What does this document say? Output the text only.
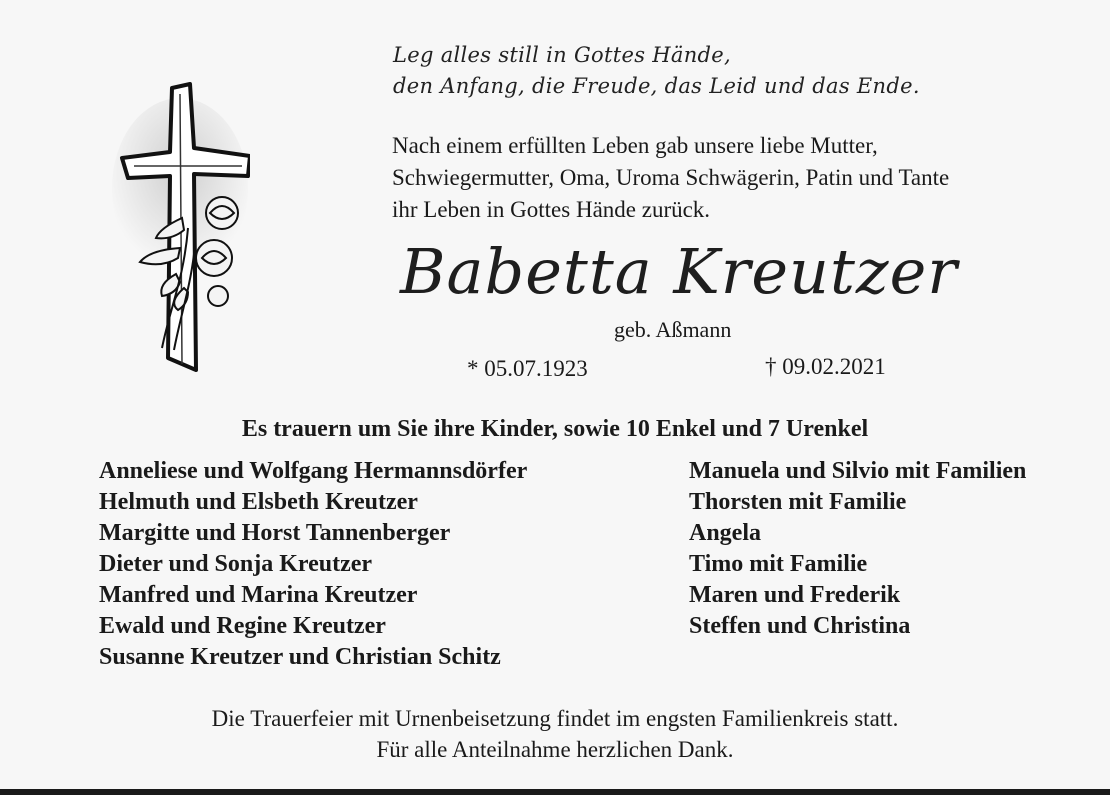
Leg alles still in Gottes Hände,
den Anfang, die Freude, das Leid und das Ende.
Nach einem erfüllten Leben gab unsere liebe Mutter,
Schwiegermutter, Oma, Uroma Schwägerin, Patin und Tante
ihr Leben in Gottes Hände zurück.
Babetta Kreutzer
geb. Aßmann
* 05.07.1923	† 09.02.2021
Es trauern um Sie ihre Kinder, sowie 10 Enkel und 7 Urenkel
Anneliese und Wolfgang Hermannsdörfer
Helmuth und Elsbeth Kreutzer
Margitte und Horst Tannenberger
Dieter und Sonja Kreutzer
Manfred und Marina Kreutzer
Ewald und Regine Kreutzer
Susanne Kreutzer und Christian Schitz
Manuela und Silvio mit Familien
Thorsten mit Familie
Angela
Timo mit Familie
Maren und Frederik
Steffen und Christina
Die Trauerfeier mit Urnenbeisetzung findet im engsten Familienkreis statt.
Für alle Anteilnahme herzlichen Dank.
